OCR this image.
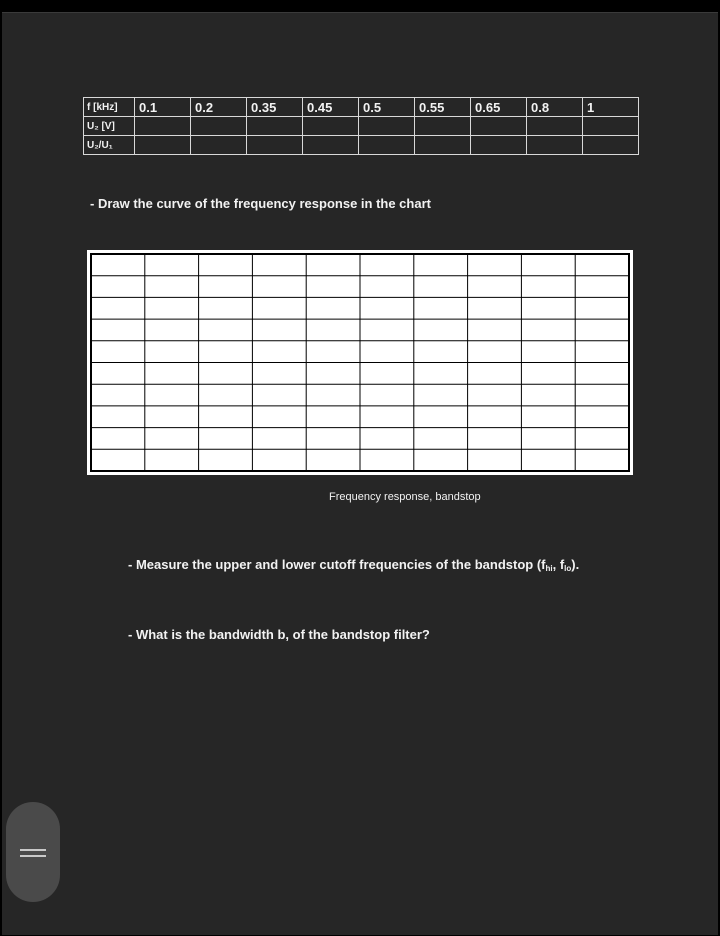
f [kHz]	0.1	0.2	0.35	0.45	0.5	0.55	0.65	0.8	1
U₂ [V]									
U₂/U₁									
- Draw the curve of the frequency response in the chart
Frequency response, bandstop
- Measure the upper and lower cutoff frequencies of the bandstop ($f_{hi}$, $f_{lo}$).
- What is the bandwidth b, of the bandstop filter?
